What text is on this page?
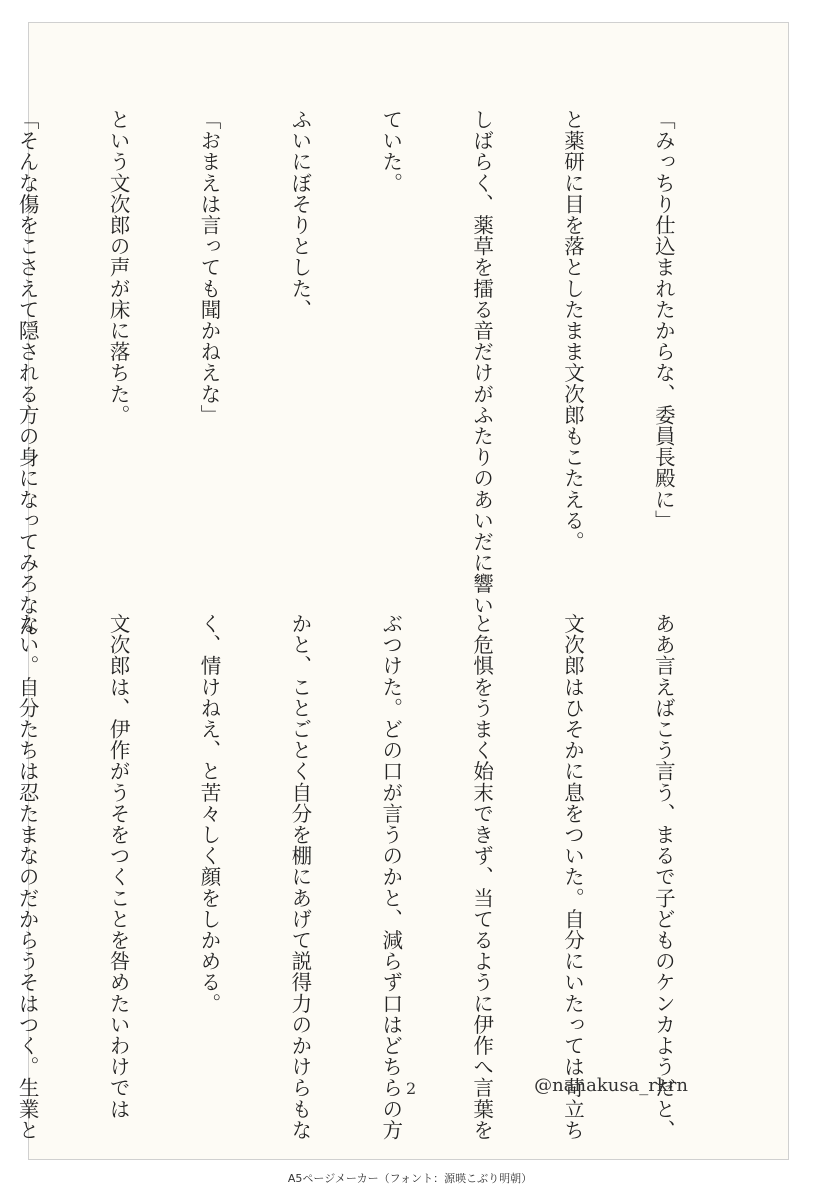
「みっちり仕込まれたからな、委員長殿に」

と薬研に目を落としたまま文次郎もこたえる。

しばらく、薬草を擂る音だけがふたりのあいだに響い

ていた。

ふいにぼそりとした、

「おまえは言っても聞かねえな」

という文次郎の声が床に落ちた。

「そんな傷をこさえて隠される方の身になってみろなん

ああ言えばこう言う、まるで子どものケンカようだと、

文次郎はひそかに息をついた。自分にいたっては苛立ち

と危惧をうまく始末できず、当てるように伊作へ言葉を

ぶつけた。どの口が言うのかと、減らず口はどちらの方

かと、ことごとく自分を棚にあげて説得力のかけらもな

く、情けねえ、と苦々しく顔をしかめる。

文次郎は、伊作がうそをつくことを咎めたいわけでは

ない。自分たちは忍たまなのだからうそはつく。生業と

	2	@nanakusa_rkrn
A5ページメーカー（フォント：源暎こぶり明朝）
